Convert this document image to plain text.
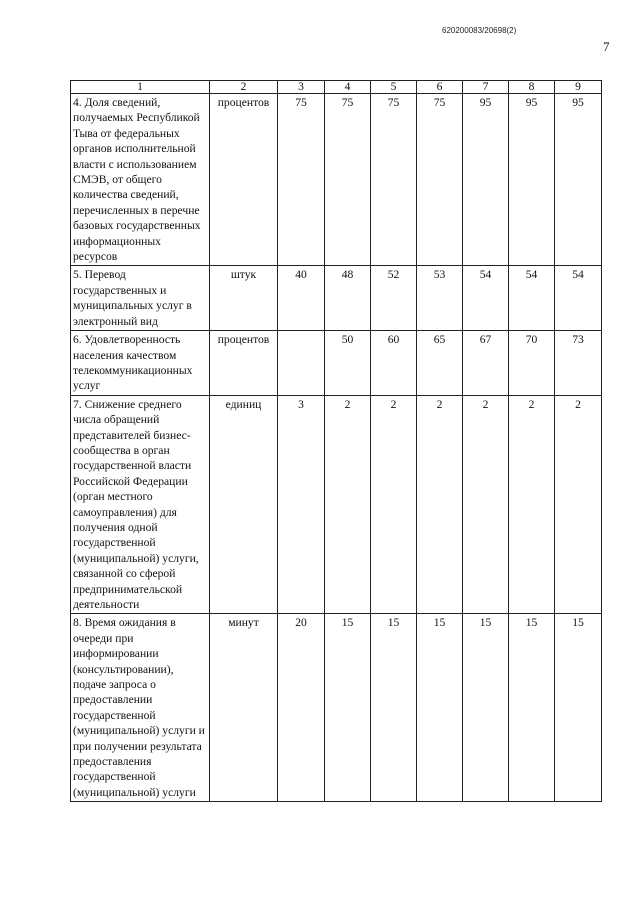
620200083/20698(2)
7
1	2	3	4	5	6	7	8	9
4. Доля сведений, получаемых Республикой Тыва от федеральных органов исполнительной власти с использованием СМЭВ, от общего количества сведений, перечисленных в перечне базовых государственных информационных ресурсов	процентов	75	75	75	75	95	95	95
5. Перевод государственных и муниципальных услуг в электронный вид	штук	40	48	52	53	54	54	54
6. Удовлетворенность населения качеством телекоммуникационных услуг	процентов		50	60	65	67	70	73
7. Снижение среднего числа обращений представителей бизнес-сообщества в орган государственной власти Российской Федерации (орган местного самоуправления) для получения одной государственной (муниципальной) услуги, связанной со сферой предпринимательской деятельности	единиц	3	2	2	2	2	2	2
8. Время ожидания в очереди при информировании (консультировании), подаче запроса о предоставлении государственной (муниципальной) услуги и при получении результата предоставления государственной (муниципальной) услуги	минут	20	15	15	15	15	15	15
